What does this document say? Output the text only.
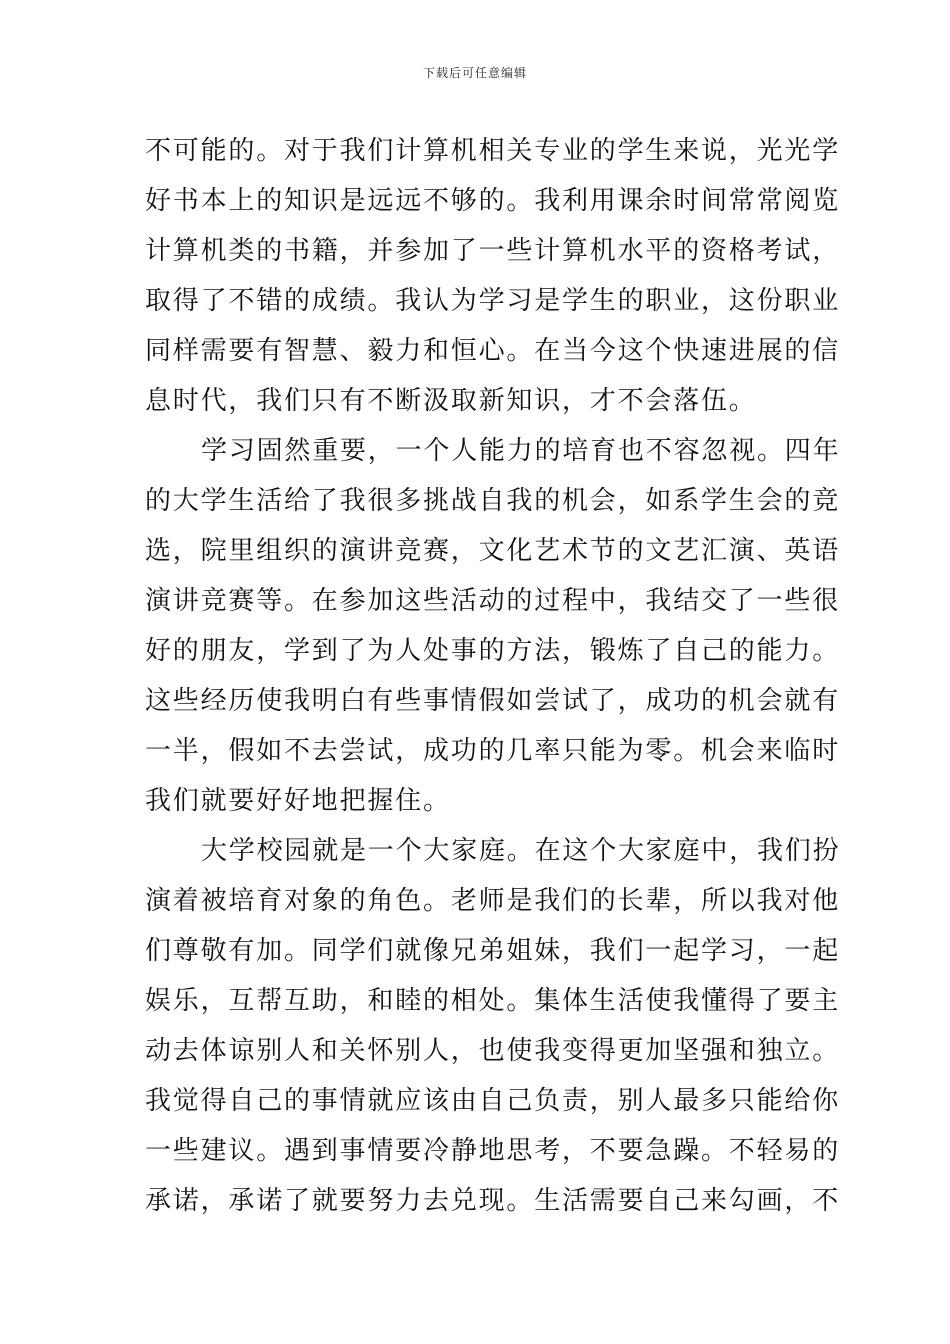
下载后可任意编辑
不可能的。对于我们计算机相关专业的学生来说，光光学
好书本上的知识是远远不够的。我利用课余时间常常阅览
计算机类的书籍，并参加了一些计算机水平的资格考试，
取得了不错的成绩。我认为学习是学生的职业，这份职业
同样需要有智慧、毅力和恒心。在当今这个快速进展的信
息时代，我们只有不断汲取新知识，才不会落伍。
学习固然重要，一个人能力的培育也不容忽视。四年
的大学生活给了我很多挑战自我的机会，如系学生会的竞
选，院里组织的演讲竞赛，文化艺术节的文艺汇演、英语
演讲竞赛等。在参加这些活动的过程中，我结交了一些很
好的朋友，学到了为人处事的方法，锻炼了自己的能力。
这些经历使我明白有些事情假如尝试了，成功的机会就有
一半，假如不去尝试，成功的几率只能为零。机会来临时
我们就要好好地把握住。
大学校园就是一个大家庭。在这个大家庭中，我们扮
演着被培育对象的角色。老师是我们的长辈，所以我对他
们尊敬有加。同学们就像兄弟姐妹，我们一起学习，一起
娱乐，互帮互助，和睦的相处。集体生活使我懂得了要主
动去体谅别人和关怀别人，也使我变得更加坚强和独立。
我觉得自己的事情就应该由自己负责，别人最多只能给你
一些建议。遇到事情要冷静地思考，不要急躁。不轻易的
承诺，承诺了就要努力去兑现。生活需要自己来勾画，不
